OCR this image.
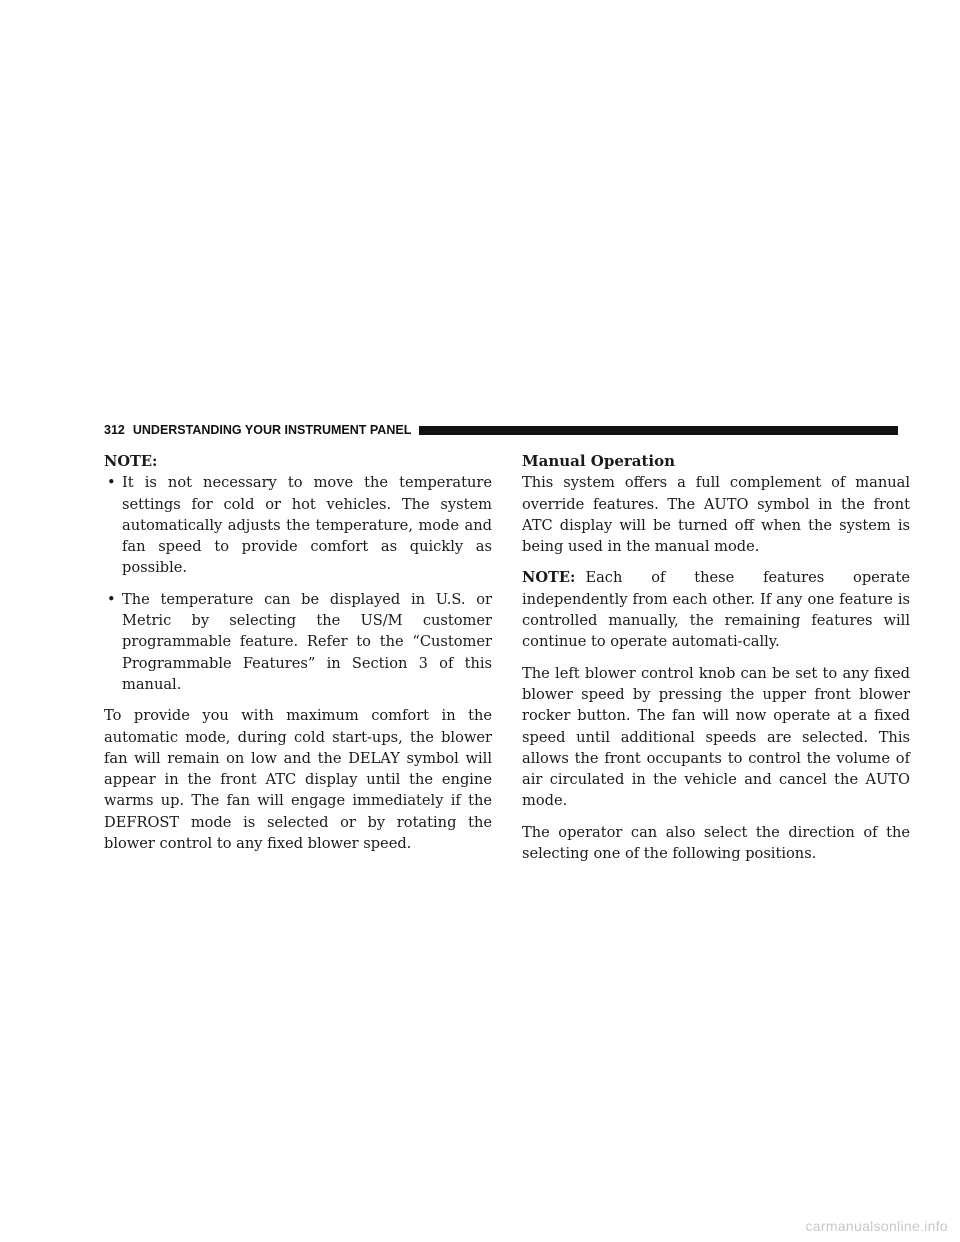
312 UNDERSTANDING YOUR INSTRUMENT PANEL
NOTE:
• It is not necessary to move the temperature settings for cold or hot vehicles. The system automatically adjusts the temperature, mode and fan speed to provide comfort as quickly as possible.
• The temperature can be displayed in U.S. or Metric by selecting the US/M customer programmable feature. Refer to the “Customer Programmable Features” in Section 3 of this manual.

To provide you with maximum comfort in the automatic mode, during cold start-ups, the blower fan will remain on low and the DELAY symbol will appear in the front ATC display until the engine warms up. The fan will engage immediately if the DEFROST mode is selected or by rotating the blower control to any fixed blower speed.

Manual Operation

This system offers a full complement of manual override features. The AUTO symbol in the front ATC display will be turned off when the system is being used in the manual mode.

NOTE: Each of these features operate independently from each other. If any one feature is controlled manually, the remaining features will continue to operate automati-cally.

The left blower control knob can be set to any fixed blower speed by pressing the upper front blower rocker button. The fan will now operate at a fixed speed until additional speeds are selected. This allows the front occupants to control the volume of air circulated in the vehicle and cancel the AUTO mode.

The operator can also select the direction of the selecting one of the following positions.

carmanualsonline.info
